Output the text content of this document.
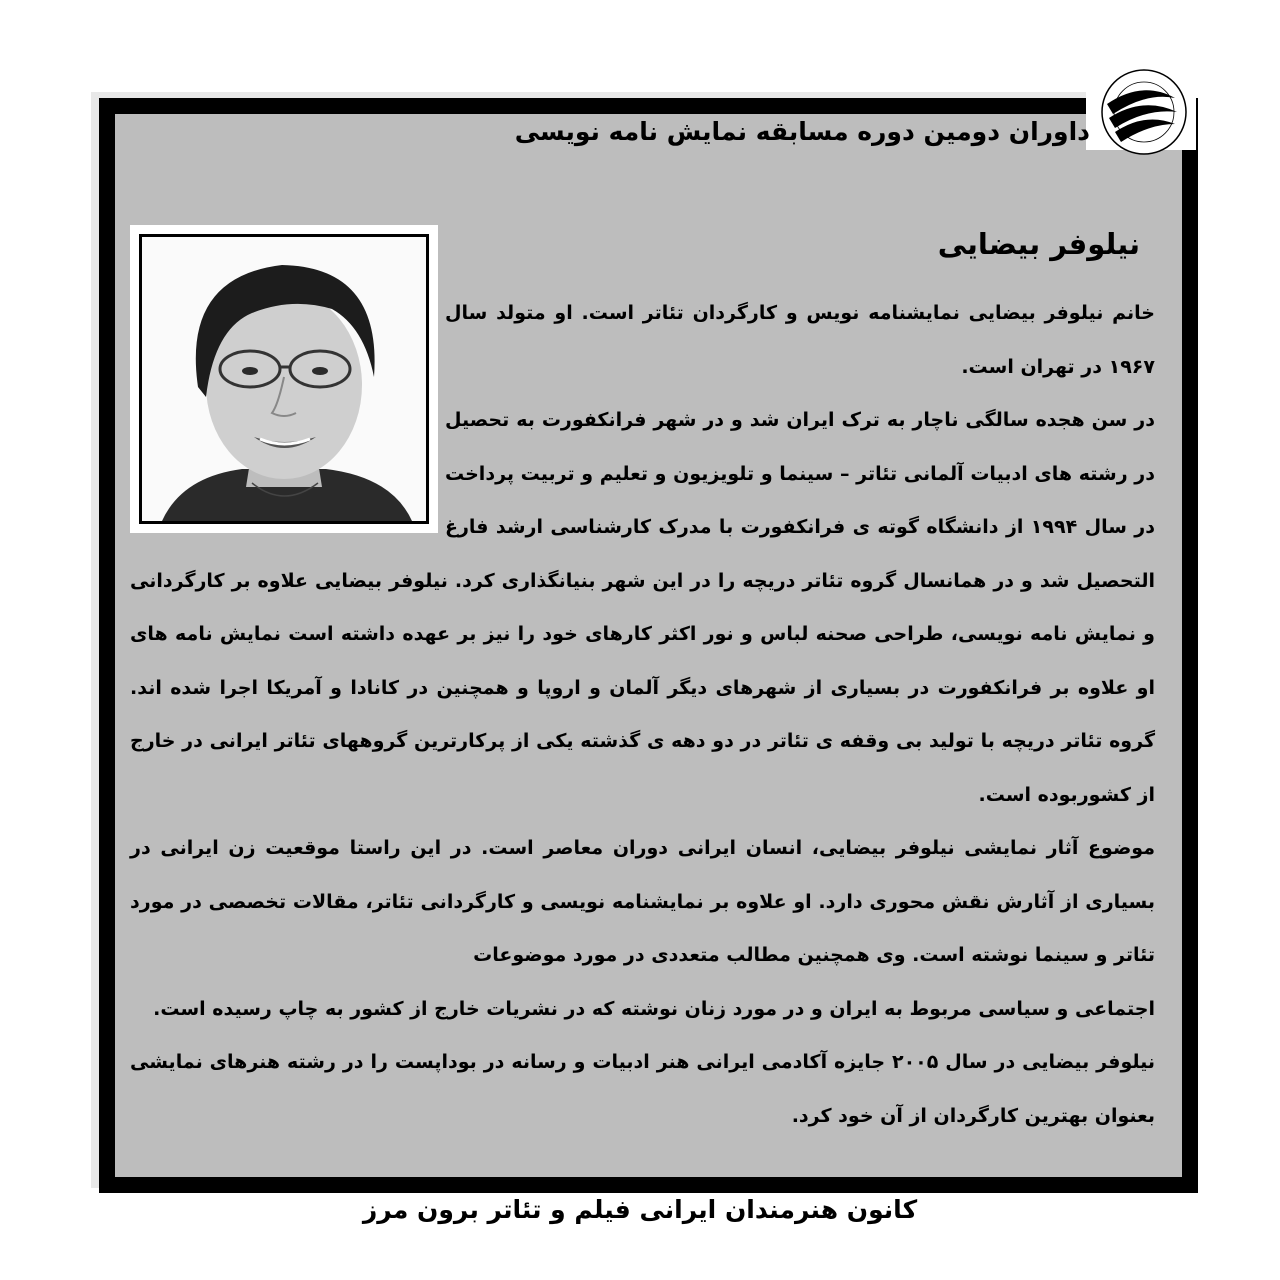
داوران دومین دوره مسابقه نمایش نامه نویسی
نیلوفر بیضایی

خانم نیلوفر بیضایی نمایشنامه نویس و کارگردان تئاتر است. او متولد سال ۱۹۶۷ در تهران است.

در سن هجده سالگی ناچار به ترک ایران شد و در شهر فرانکفورت به تحصیل در رشته های ادبیات آلمانی تئاتر – سینما و تلویزیون و تعلیم و تربیت پرداخت در سال ۱۹۹۴ از دانشگاه گوته ی فرانکفورت با مدرک کارشناسی ارشد فارغ التحصیل شد و در همانسال گروه تئاتر دریچه را در این شهر بنیانگذاری کرد. نیلوفر بیضایی علاوه بر کارگردانی و نمایش نامه نویسی، طراحی صحنه لباس و نور اکثر کارهای خود را نیز بر عهده داشته است نمایش نامه های او علاوه بر فرانکفورت در بسیاری از شهرهای دیگر آلمان و اروپا و همچنین در کانادا و آمریکا اجرا شده اند. گروه تئاتر دریچه با تولید بی وقفه ی تئاتر در دو دهه ی گذشته یکی از پرکارترین گروههای تئاتر ایرانی در خارج از کشوربوده است.

موضوع آثار نمایشی نیلوفر بیضایی، انسان ایرانی دوران معاصر است. در این راستا موقعیت زن ایرانی در بسیاری از آثارش نقش محوری دارد. او علاوه بر نمایشنامه نویسی و کارگردانی تئاتر، مقالات تخصصی در مورد تئاتر و سینما نوشته است. وی همچنین مطالب متعددی در مورد موضوعات

اجتماعی و سیاسی مربوط به ایران و در مورد زنان نوشته که در نشریات خارج از کشور به چاپ رسیده است.

نیلوفر بیضایی در سال ۲۰۰۵ جایزه آکادمی ایرانی هنر ادبیات و رسانه در بوداپست را در رشته هنرهای نمایشی بعنوان بهترین کارگردان از آن خود کرد.

کانون هنرمندان ایرانی فیلم و تئاتر برون مرز
